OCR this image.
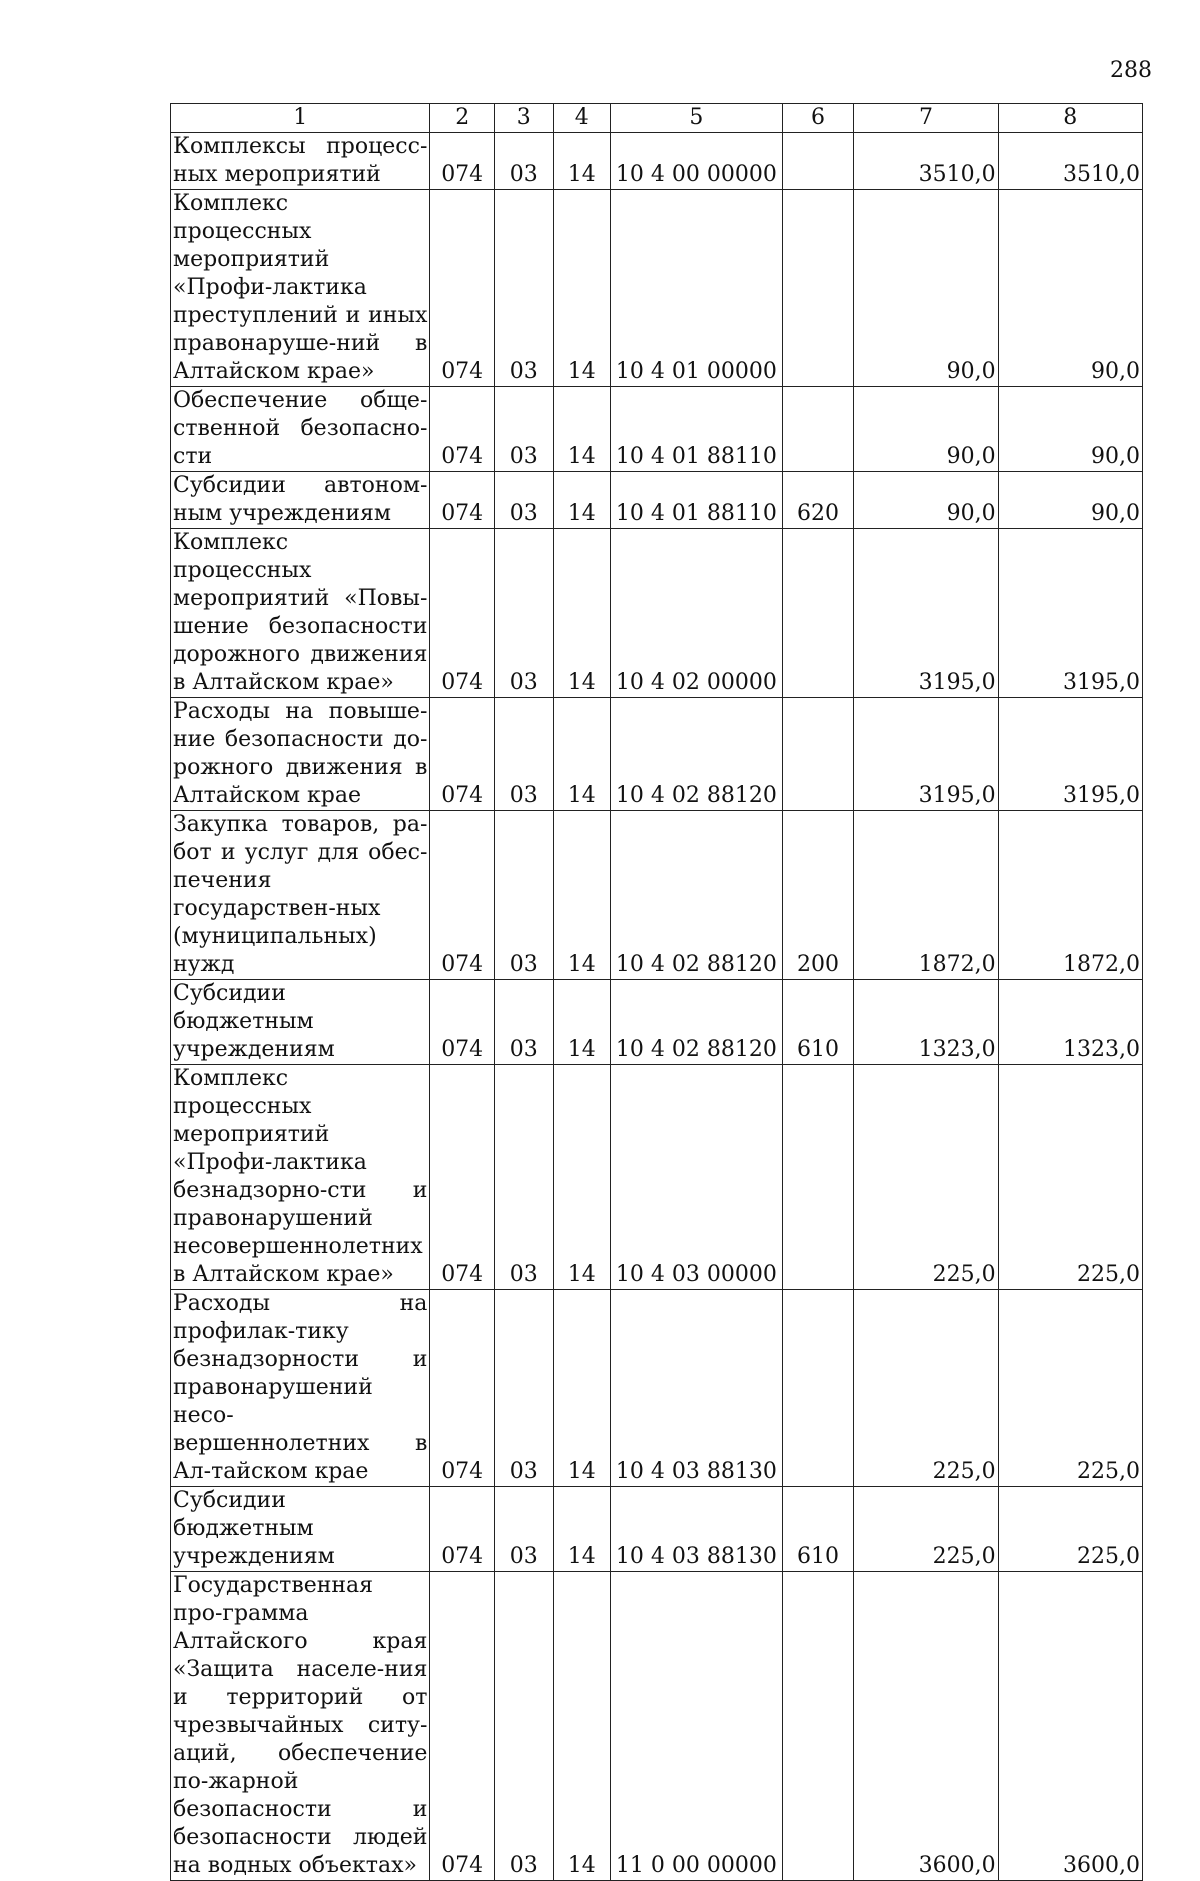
288
1	2	3	4	5	6	7	8
Комплексы процесс-ных мероприятий	074	03	14	10 4 00 00000		3510,0	3510,0
Комплекс процессных мероприятий «Профи-лактика преступлений и иных правонаруше-ний в Алтайском крае»	074	03	14	10 4 01 00000		90,0	90,0
Обеспечение обще-ственной безопасно-сти	074	03	14	10 4 01 88110		90,0	90,0
Субсидии автоном-ным учреждениям	074	03	14	10 4 01 88110	620	90,0	90,0
Комплекс процессных мероприятий «Повы-шение безопасности дорожного движения в Алтайском крае»	074	03	14	10 4 02 00000		3195,0	3195,0
Расходы на повыше-ние безопасности до-рожного движения в Алтайском крае	074	03	14	10 4 02 88120		3195,0	3195,0
Закупка товаров, ра-бот и услуг для обес-печения государствен-ных (муниципальных) нужд	074	03	14	10 4 02 88120	200	1872,0	1872,0
Субсидии бюджетным учреждениям	074	03	14	10 4 02 88120	610	1323,0	1323,0
Комплекс процессных мероприятий «Профи-лактика безнадзорно-сти и правонарушений несовершеннолетних в Алтайском крае»	074	03	14	10 4 03 00000		225,0	225,0
Расходы на профилак-тику безнадзорности и правонарушений несо-вершеннолетних в Ал-тайском крае	074	03	14	10 4 03 88130		225,0	225,0
Субсидии бюджетным учреждениям	074	03	14	10 4 03 88130	610	225,0	225,0
Государственная про-грамма Алтайского края «Защита населе-ния и территорий от чрезвычайных ситу-аций, обеспечение по-жарной безопасности и безопасности людей на водных объектах»	074	03	14	11 0 00 00000		3600,0	3600,0
